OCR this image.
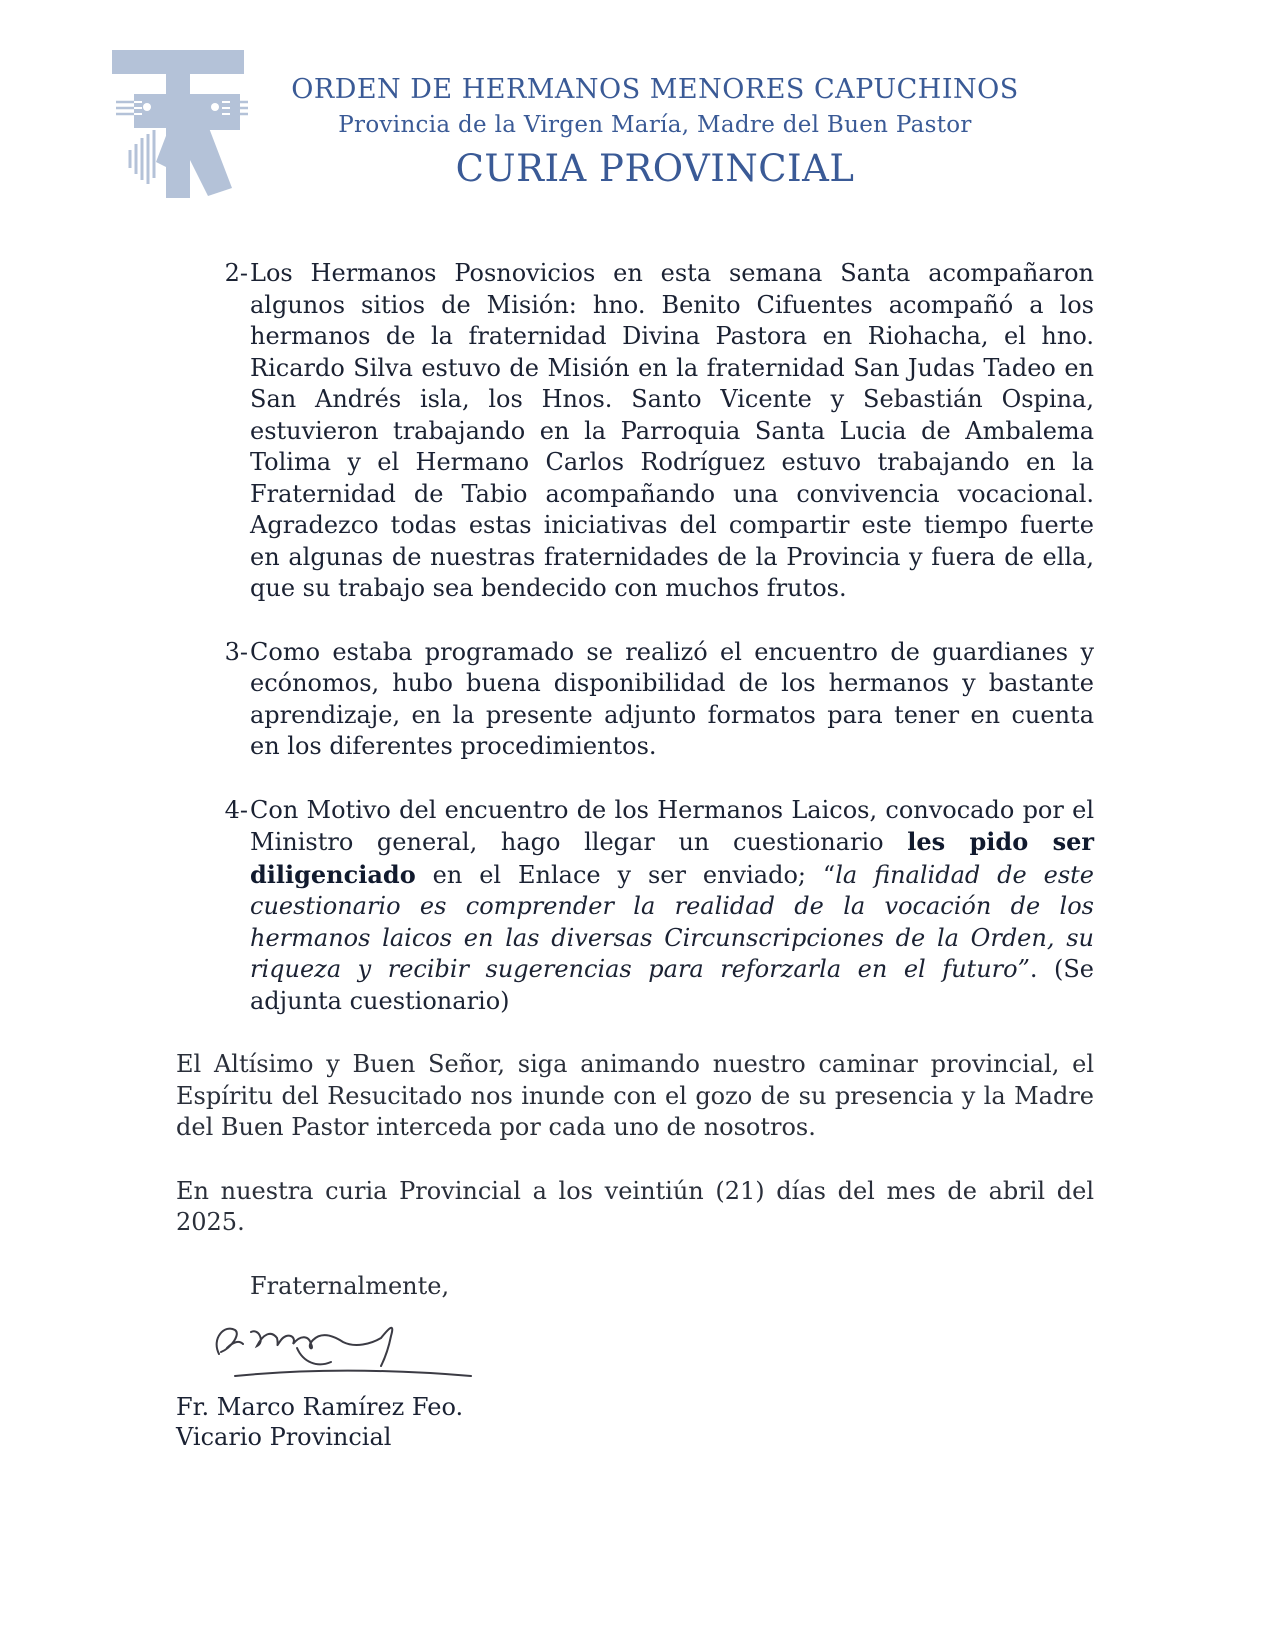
ORDEN DE HERMANOS MENORES CAPUCHINOS
Provincia de la Virgen María, Madre del Buen Pastor
CURIA PROVINCIAL
2- Los Hermanos Posnovicios en esta semana Santa acompañaron algunos sitios de Misión: hno. Benito Cifuentes acompañó a los hermanos de la fraternidad Divina Pastora en Riohacha, el hno. Ricardo Silva estuvo de Misión en la fraternidad San Judas Tadeo en San Andrés isla, los Hnos. Santo Vicente y Sebastián Ospina, estuvieron trabajando en la Parroquia Santa Lucia de Ambalema Tolima y el Hermano Carlos Rodríguez estuvo trabajando en la Fraternidad de Tabio acompañando una convivencia vocacional. Agradezco todas estas iniciativas del compartir este tiempo fuerte en algunas de nuestras fraternidades de la Provincia y fuera de ella, que su trabajo sea bendecido con muchos frutos.
3- Como estaba programado se realizó el encuentro de guardianes y ecónomos, hubo buena disponibilidad de los hermanos y bastante aprendizaje, en la presente adjunto formatos para tener en cuenta en los diferentes procedimientos.
4- Con Motivo del encuentro de los Hermanos Laicos, convocado por el Ministro general, hago llegar un cuestionario les pido ser diligenciado en el Enlace y ser enviado; “la finalidad de este cuestionario es comprender la realidad de la vocación de los hermanos laicos en las diversas Circunscripciones de la Orden, su riqueza y recibir sugerencias para reforzarla en el futuro”. (Se adjunta cuestionario)
El Altísimo y Buen Señor, siga animando nuestro caminar provincial, el Espíritu del Resucitado nos inunde con el gozo de su presencia y la Madre del Buen Pastor interceda por cada uno de nosotros.
En nuestra curia Provincial a los veintiún (21) días del mes de abril del 2025.
Fraternalmente,
Fr. Marco Ramírez Feo.
Vicario Provincial
